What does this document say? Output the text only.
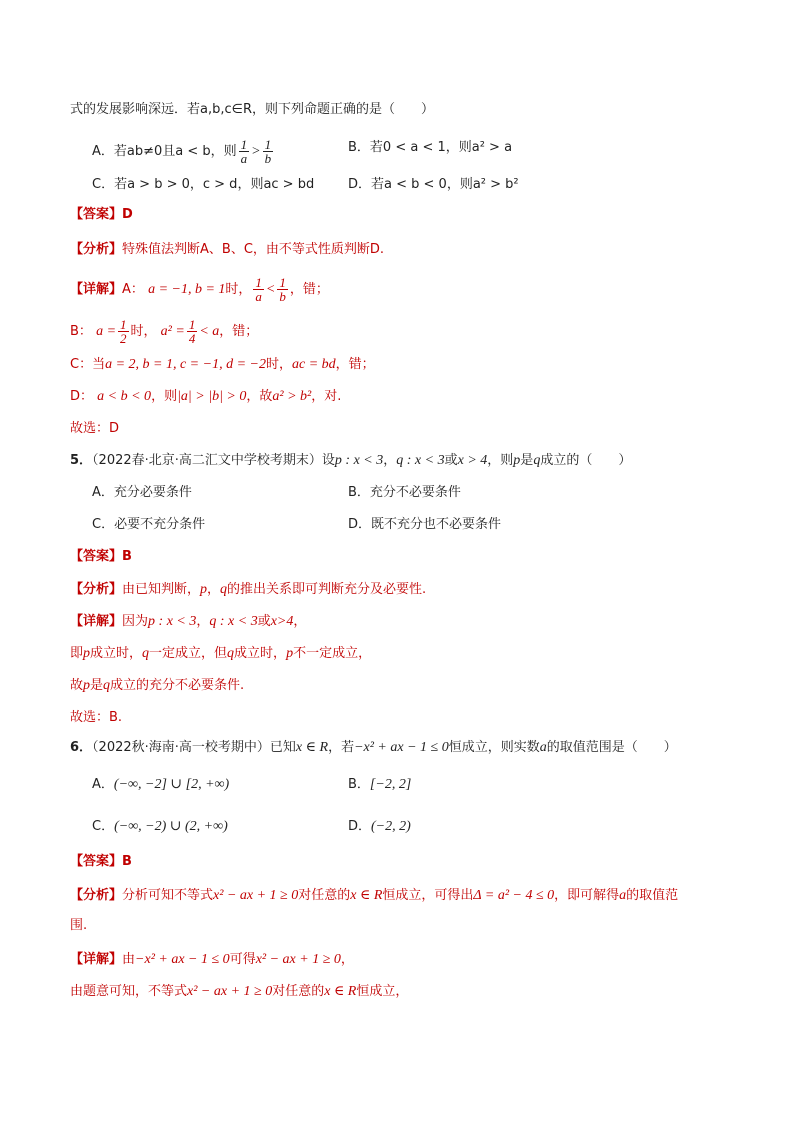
式的发展影响深远．若a,b,c∈R，则下列命题正确的是（　　）
A．若ab≠0且a < b，则 $\frac{1}{a} > \frac{1}{b}$	B．若0 < a < 1，则a² > a
C．若a > b > 0，c > d，则ac > bd	D．若a < b < 0，则a² > b²
【答案】D
【分析】特殊值法判断A、B、C，由不等式性质判断D.
【详解】A： a = −1, b = 1时， $\frac{1}{a} < \frac{1}{b}$ ，错；
B： $a = \frac{1}{2}$ 时， $a^2 = \frac{1}{4} < a$，错；
C：当a = 2, b = 1, c = −1, d = −2时，ac = bd，错；
D： a < b < 0，则|a| > |b| > 0，故a² > b²，对.
故选：D
5．（2022春·北京·高二汇文中学校考期末）设p : x < 3，q : x < 3或x > 4，则p是q成立的（　　）
A．充分必要条件	B．充分不必要条件
C．必要不充分条件	D．既不充分也不必要条件
【答案】B
【分析】由已知判断，p，q的推出关系即可判断充分及必要性.
【详解】因为p : x < 3，q : x < 3或x>4，
即p成立时，q一定成立，但q成立时，p不一定成立，
故p是q成立的充分不必要条件.
故选：B.
6．（2022秋·海南·高一校考期中）已知x ∈ R，若−x² + ax − 1 ≤ 0恒成立，则实数a的取值范围是（　　）
A．(−∞, −2] ∪ [2, +∞)	B．[−2, 2]
C．(−∞, −2) ∪ (2, +∞)	D．(−2, 2)
【答案】B
【分析】分析可知不等式x² − ax + 1 ≥ 0对任意的x ∈ R恒成立，可得出Δ = a² − 4 ≤ 0，即可解得a的取值范
围.
【详解】由−x² + ax − 1 ≤ 0可得x² − ax + 1 ≥ 0，
由题意可知，不等式x² − ax + 1 ≥ 0对任意的x ∈ R恒成立，
